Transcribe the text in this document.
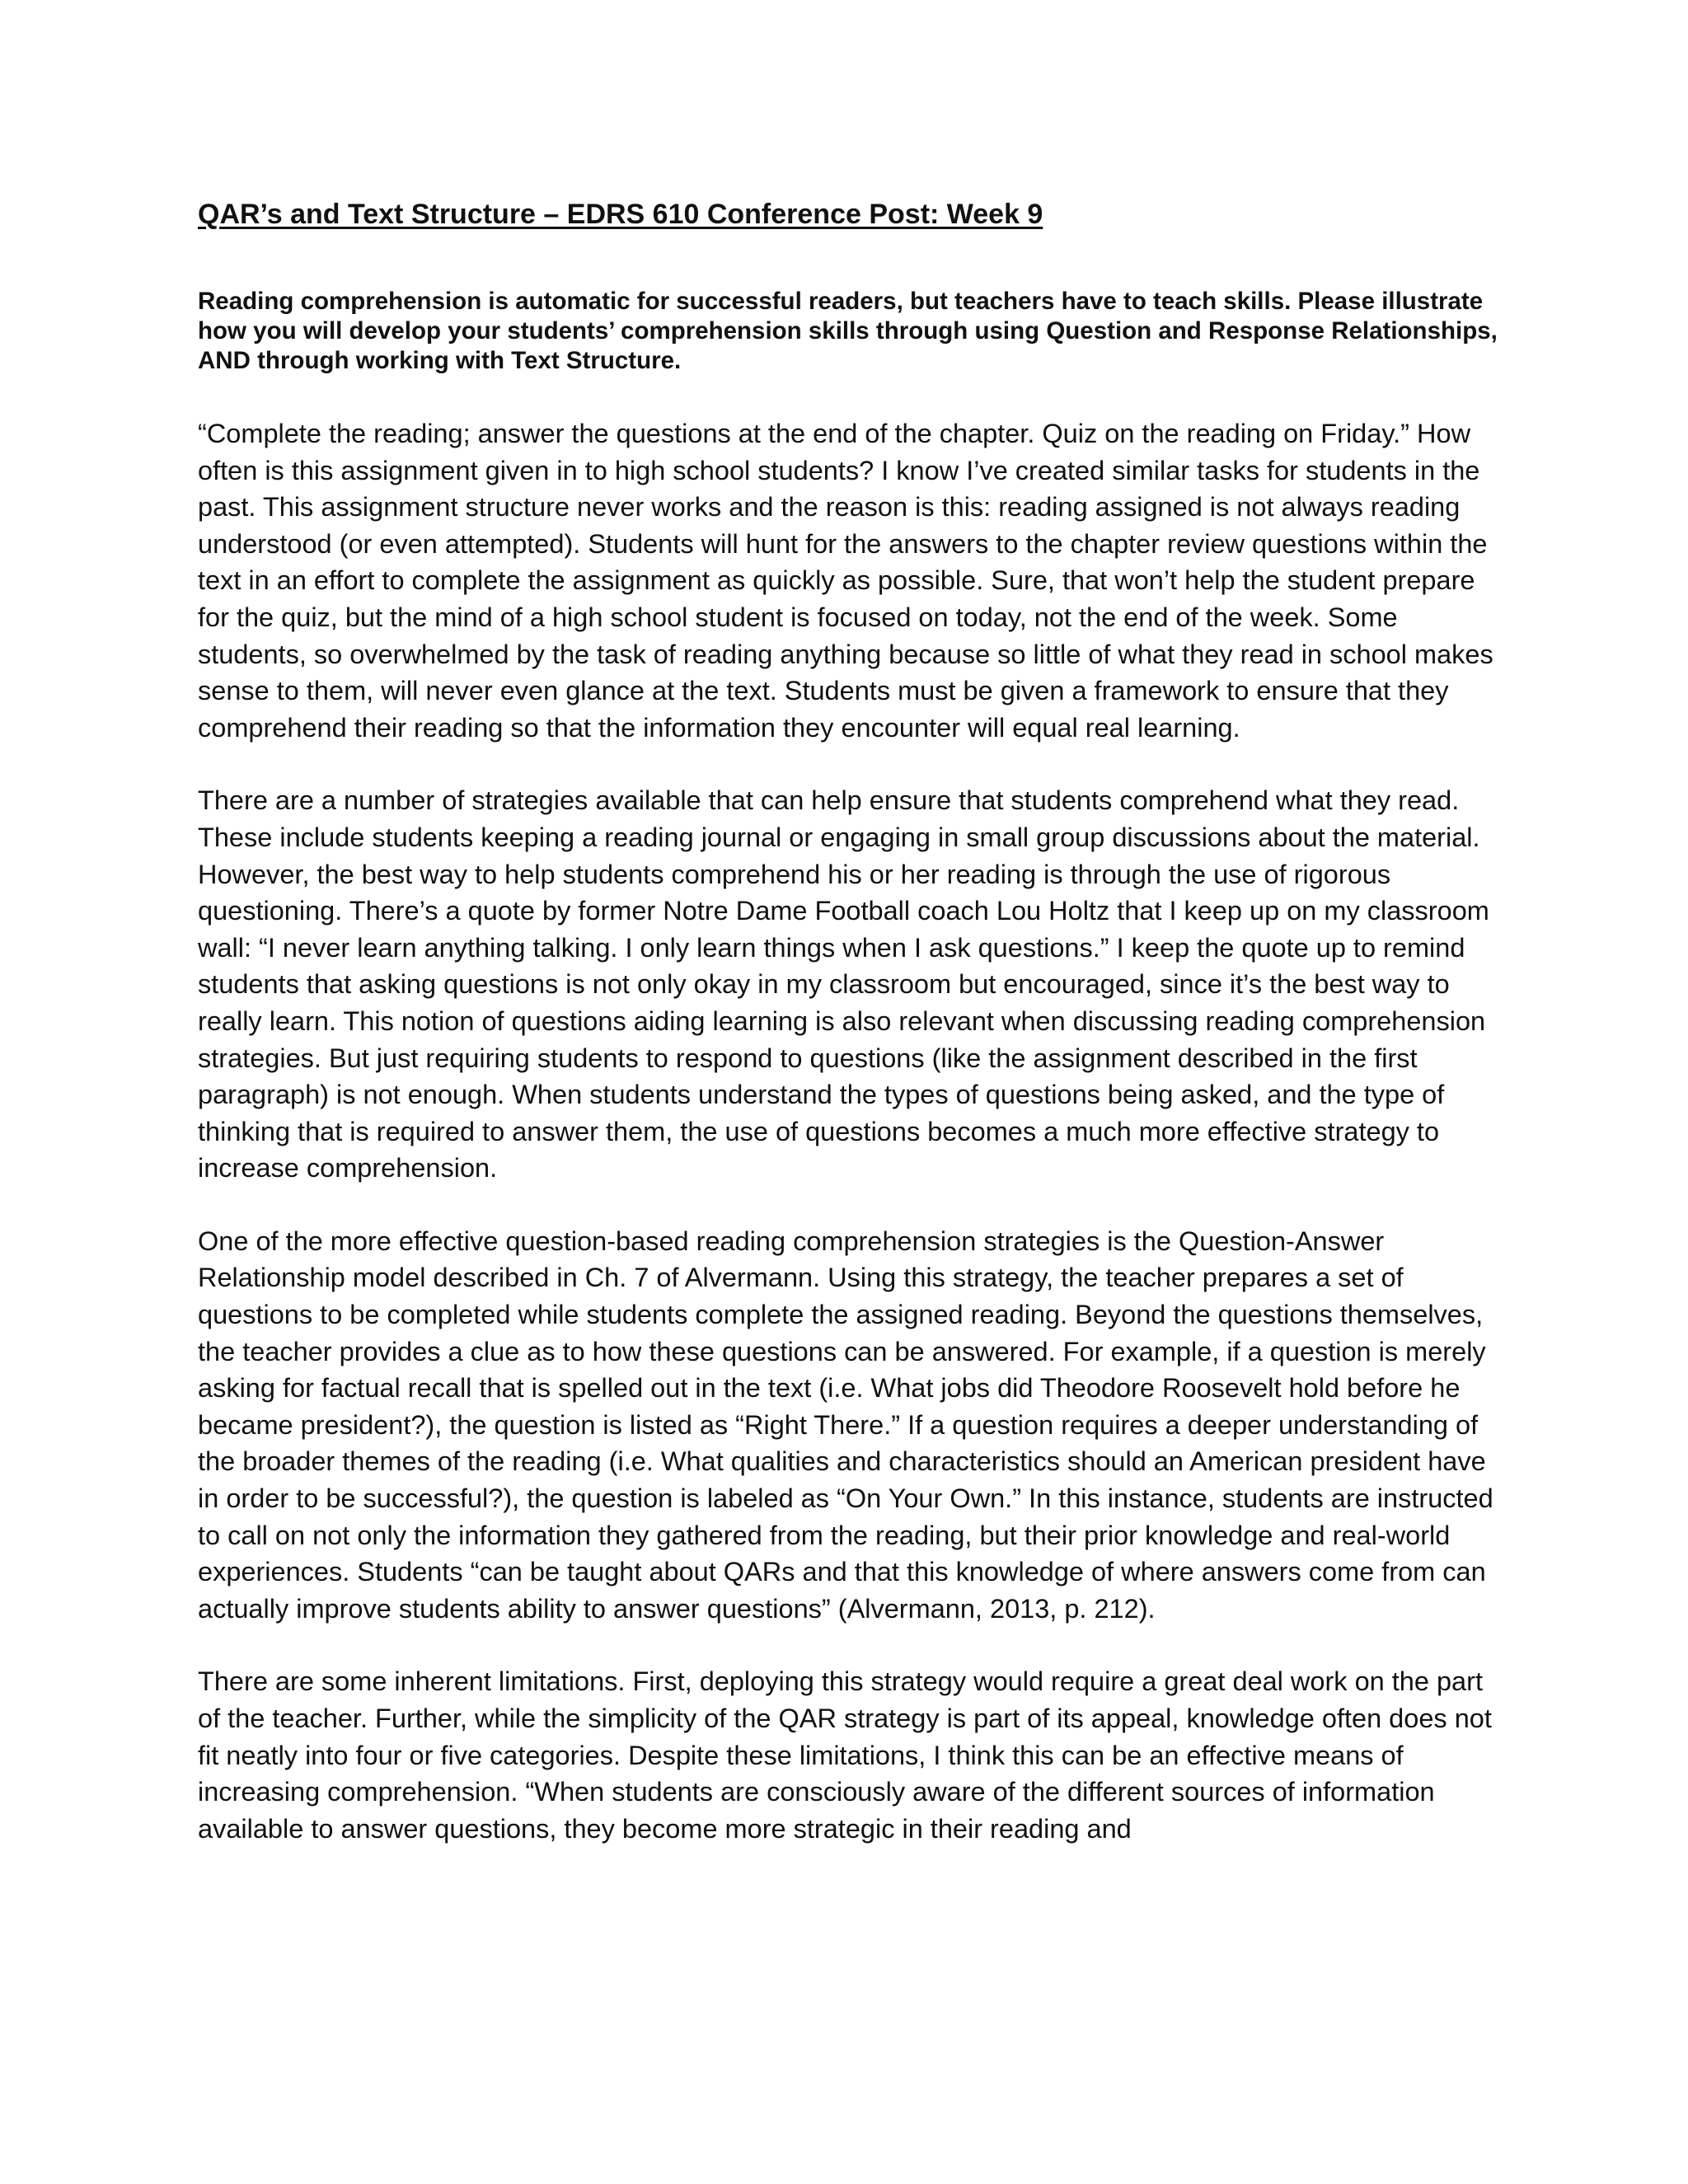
QAR’s and Text Structure – EDRS 610 Conference Post: Week 9

Reading comprehension is automatic for successful readers, but teachers have to teach skills. Please illustrate how you will develop your students’ comprehension skills through using Question and Response Relationships, AND through working with Text Structure.

“Complete the reading; answer the questions at the end of the chapter. Quiz on the reading on Friday.” How often is this assignment given in to high school students? I know I’ve created similar tasks for students in the past. This assignment structure never works and the reason is this: reading assigned is not always reading understood (or even attempted). Students will hunt for the answers to the chapter review questions within the text in an effort to complete the assignment as quickly as possible. Sure, that won’t help the student prepare for the quiz, but the mind of a high school student is focused on today, not the end of the week. Some students, so overwhelmed by the task of reading anything because so little of what they read in school makes sense to them, will never even glance at the text. Students must be given a framework to ensure that they comprehend their reading so that the information they encounter will equal real learning.

There are a number of strategies available that can help ensure that students comprehend what they read. These include students keeping a reading journal or engaging in small group discussions about the material. However, the best way to help students comprehend his or her reading is through the use of rigorous questioning. There’s a quote by former Notre Dame Football coach Lou Holtz that I keep up on my classroom wall: “I never learn anything talking. I only learn things when I ask questions.” I keep the quote up to remind students that asking questions is not only okay in my classroom but encouraged, since it’s the best way to really learn. This notion of questions aiding learning is also relevant when discussing reading comprehension strategies. But just requiring students to respond to questions (like the assignment described in the first paragraph) is not enough. When students understand the types of questions being asked, and the type of thinking that is required to answer them, the use of questions becomes a much more effective strategy to increase comprehension.

One of the more effective question-based reading comprehension strategies is the Question-Answer Relationship model described in Ch. 7 of Alvermann. Using this strategy, the teacher prepares a set of questions to be completed while students complete the assigned reading. Beyond the questions themselves, the teacher provides a clue as to how these questions can be answered. For example, if a question is merely asking for factual recall that is spelled out in the text (i.e. What jobs did Theodore Roosevelt hold before he became president?), the question is listed as “Right There.” If a question requires a deeper understanding of the broader themes of the reading (i.e. What qualities and characteristics should an American president have in order to be successful?), the question is labeled as “On Your Own.” In this instance, students are instructed to call on not only the information they gathered from the reading, but their prior knowledge and real-world experiences. Students “can be taught about QARs and that this knowledge of where answers come from can actually improve students ability to answer questions” (Alvermann, 2013, p. 212).

There are some inherent limitations. First, deploying this strategy would require a great deal work on the part of the teacher. Further, while the simplicity of the QAR strategy is part of its appeal, knowledge often does not fit neatly into four or five categories. Despite these limitations, I think this can be an effective means of increasing comprehension. “When students are consciously aware of the different sources of information available to answer questions, they become more strategic in their reading and
